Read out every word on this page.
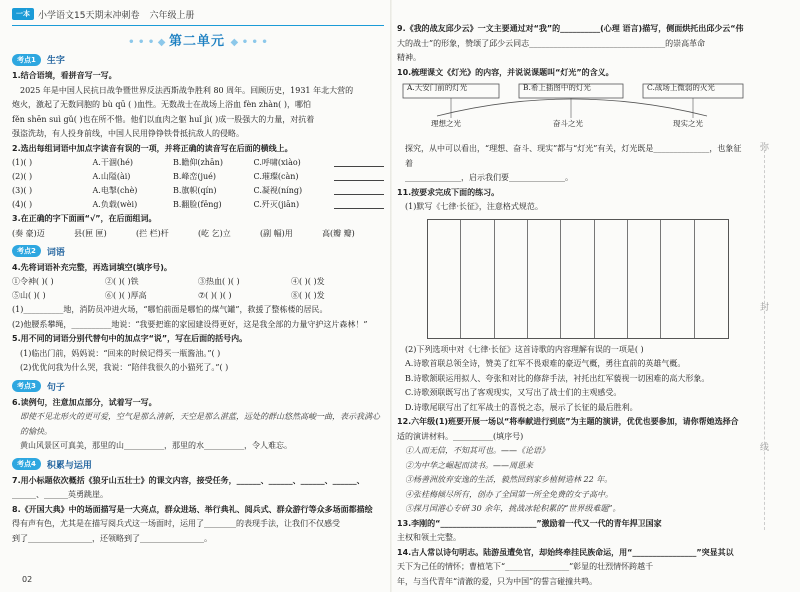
一本 小学语文15天期末冲刺卷 六年级上册
• • • ◆ 第二单元 ◆ • • •
考点1	生字

1.结合语境，看拼音写一写。

2025 年是中国人民抗日战争暨世界反法西斯战争胜利 80 周年。回顾历史，1931 年北大营的

炮火，激起了无数同胞的 bù qū ( )血性。无数战士在战场上浴血 fèn zhàn( )，哪怕

fěn shēn suì gǔ( )也在所不惜。他们以血肉之躯 huǐ jì( )成一股强大的力量，对抗着

强盗洗劫，有人投身前线，中国人民用铮铮铁骨抵抗敌人的侵略。

2.选出每组词语中加点字读音有误的一项，并将正确的读音写在后面的横线上。

(1)( )	A.干涸(hé)	B.瞻仰(zhān)	C.呼啸(xiào)
(2)( )	A.山隘(ài)	B.峰峦(jué)	C.璀璨(càn)
(3)( )	A.电掣(chè)	B.旗帜(qín)	C.凝视(níng)
(4)( )	A.负载(wèi)	B.翻脸(fēng)	C.歼灭(jiān)

3.在正确的字下面画“√”，在后面组词。

(奏 豪)迈	县(匣 匣)	(拦 栏)杆	(屹 乞)立	(副 幅)用	高(瓣 瓣)
考点2	词语

4.先将词语补充完整，再选词填空(填序号)。

①令神( )( )	②( )( )铁	③热血( )( )	④( )( )发
⑤山( )( )	⑥( )( )厚高	⑦( )( )( )	⑧( )( )发

(1)__________地，消防员冲进火场，“哪怕前面是哪怕的煤气罐”，救援了整栋楼的居民。

(2)他腰系攀绳，__________地说：“我要把谁的家园建设得更好，这是我全部的力量守护这片森林！”

5.用不同的词语分别代替句中的加点字“说”，写在后面的括号内。

(1)临出门前，妈妈说：“回来的时候记得买一瓶酱油。”( )

(2)优优问我为什么哭，我说：“陪伴我很久的小猫死了。”( )

考点3	句子

6.读例句，注意加点部分，试着写一写。

即使不见北形火的更可爱，空气是那么清新，天空是那么湛蓝，远处的群山悠然高峻一曲，表示我满心的愉快。

黄山风景区可真美，那里的山__________，那里的水__________，令人难忘。

考点4	积累与运用

7.用小标题依次概括《狼牙山五壮士》的课文内容，接受任务，______、______、______、______、

______、______英勇跳崖。

8.《开国大典》中的场面描写是一大亮点，群众进场、举行典礼、阅兵式、群众游行等众多场面都描绘

得有声有色，尤其是在描写阅兵式这一场面时，运用了________的表现手法，让我们不仅感受

到了________________，还领略到了________________。

02

9.《我的战友邱少云》一文主要通过对“我”的__________(心理 语言)描写，侧面烘托出邱少云“伟

大的战士”的形象，赞颂了邱少云同志__________________________________的崇高革命

精神。

10.梳理课文《灯光》的内容，并说说课题叫“灯光”的含义。

A.天安门前的灯光	B.希上插图中的灯光	C.战场上微弱的火光
理想之光	奋斗之光	现实之光

探究，从中可以看出，“理想、奋斗、现实”都与“灯光”有关，灯光既是______________，也象征着

______________，启示我们要______________。

11.按要求完成下面的练习。

(1)默写《七律·长征》，注意格式规范。

(2)下列选项中对《七律·长征》这首诗歌的内容理解有误的一项是( )

A.诗歌首联总领全诗，赞美了红军不畏艰难的豪迈气概，勇往直前的英雄气概。

B.诗歌颔联运用拟人、夸张和对比的修辞手法，衬托出红军藐视一切困难的高大形象。

C.诗歌颈联既写出了客观现实，又写出了战士们的主观感受。

D.诗歌尾联写出了红军战士的喜悦之态，展示了长征的最后胜利。

12.六年级(1)班要开展一场以“将奉献进行到底”为主题的演讲，优优也要参加，请你帮她选择合

适的演讲材料。__________(填序号)

①人而无信，不知其可也。——《论语》

②为中华之崛起而读书。——周恩来

③杨善洲放弃安逸的生活，毅然回到家乡植树造林 22 年。

④张桂梅倾尽所有，创办了全国第一所全免费的女子高中。

⑤探月国港心专研 30 余年，挑战冰轮积累的“世界级难题”。

13.李刚的“________________________”激励着一代又一代的青年捍卫国家

主权和领土完整。

14.古人常以诗句明志。陆游虽遭免官，却始终牵挂民族命运，用“________________”突显其以

天下为己任的情怀；曹植笔下“________________”彰显的壮烈情怀跨越千

年，与当代青年“清澈的爱，只为中国”的誓言碰撞共鸣。

弥
封
线
